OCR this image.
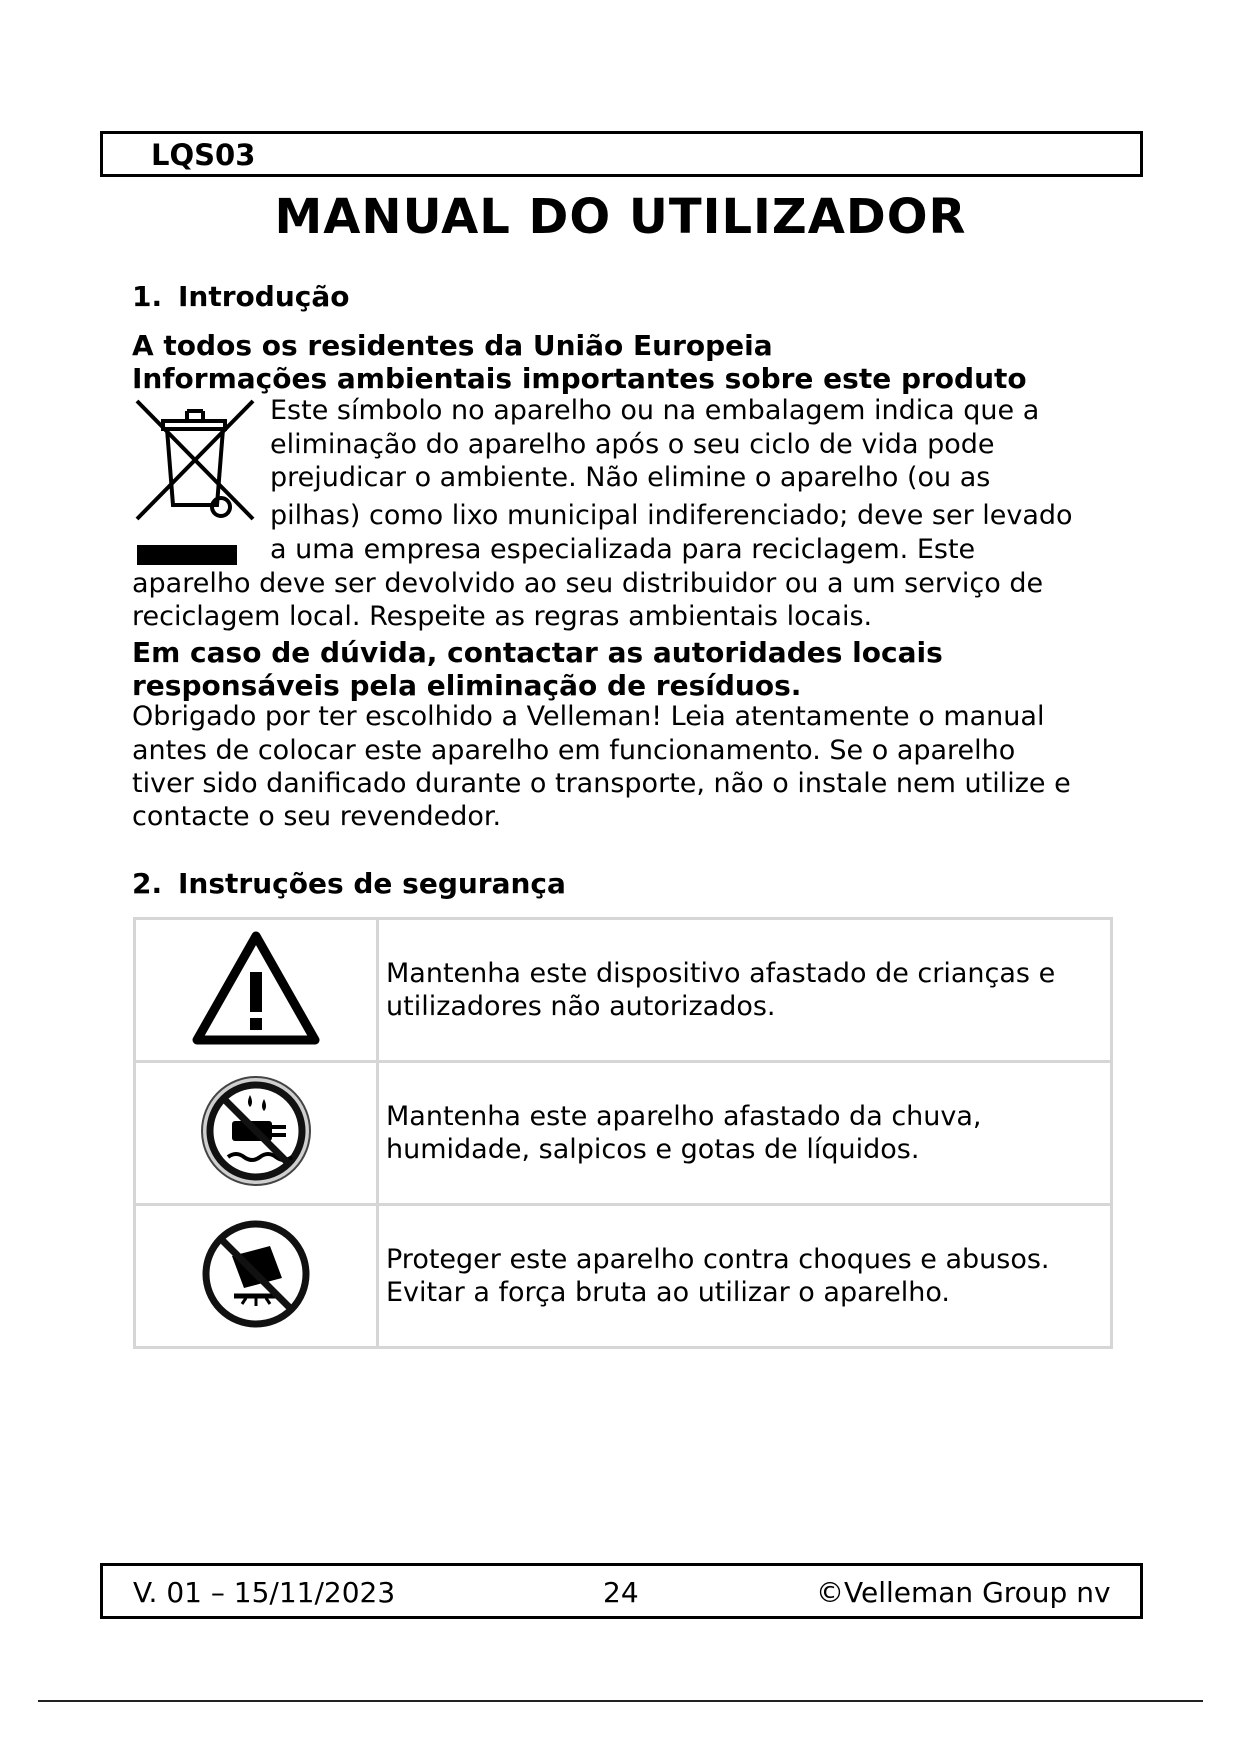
LQS03
MANUAL DO UTILIZADOR
1. Introdução
A todos os residentes da União Europeia
Informações ambientais importantes sobre este produto
Este símbolo no aparelho ou na embalagem indica que a
eliminação do aparelho após o seu ciclo de vida pode
prejudicar o ambiente. Não elimine o aparelho (ou as
pilhas) como lixo municipal indiferenciado; deve ser levado
a uma empresa especializada para reciclagem. Este
aparelho deve ser devolvido ao seu distribuidor ou a um serviço de
reciclagem local. Respeite as regras ambientais locais.
Em caso de dúvida, contactar as autoridades locais
responsáveis pela eliminação de resíduos.
Obrigado por ter escolhido a Velleman! Leia atentamente o manual
antes de colocar este aparelho em funcionamento. Se o aparelho
tiver sido danificado durante o transporte, não o instale nem utilize e
contacte o seu revendedor.
2. Instruções de segurança

Mantenha este dispositivo afastado de crianças e
utilizadores não autorizados.

Mantenha este aparelho afastado da chuva,
humidade, salpicos e gotas de líquidos.

Proteger este aparelho contra choques e abusos.
Evitar a força bruta ao utilizar o aparelho.
V. 01 – 15/11/2023	24	©Velleman Group nv
